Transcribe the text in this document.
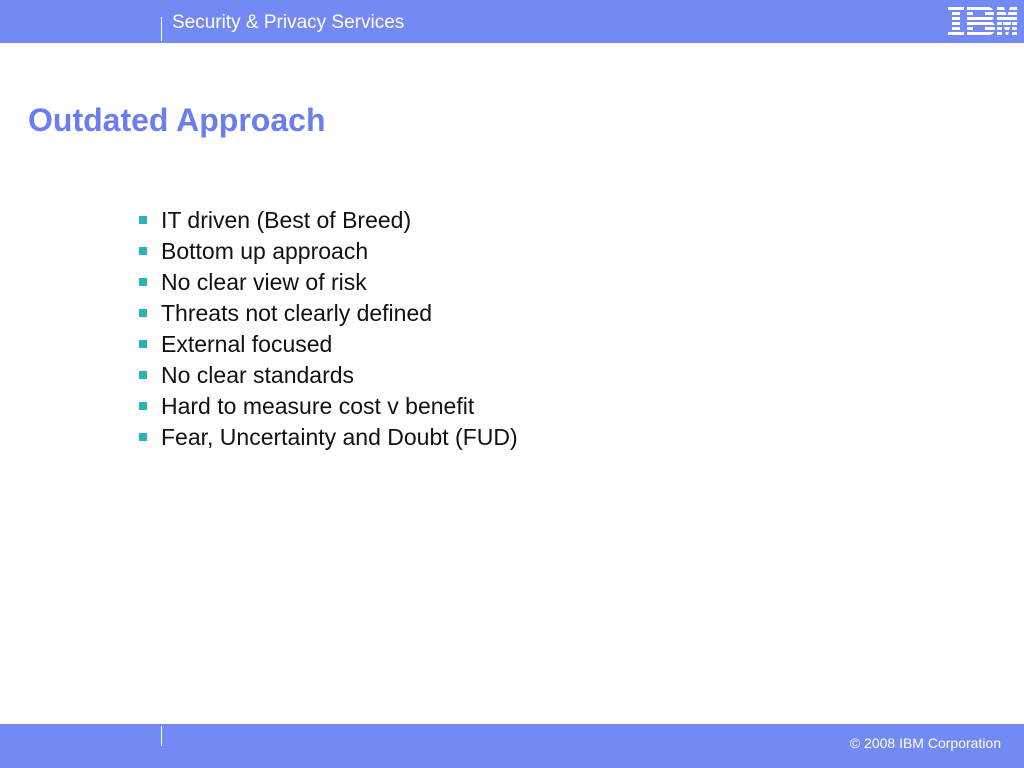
Security & Privacy Services
Outdated Approach
IT driven (Best of Breed)
Bottom up approach
No clear view of risk
Threats not clearly defined
External focused
No clear standards
Hard to measure cost v benefit
Fear, Uncertainty and Doubt (FUD)
© 2008 IBM Corporation
